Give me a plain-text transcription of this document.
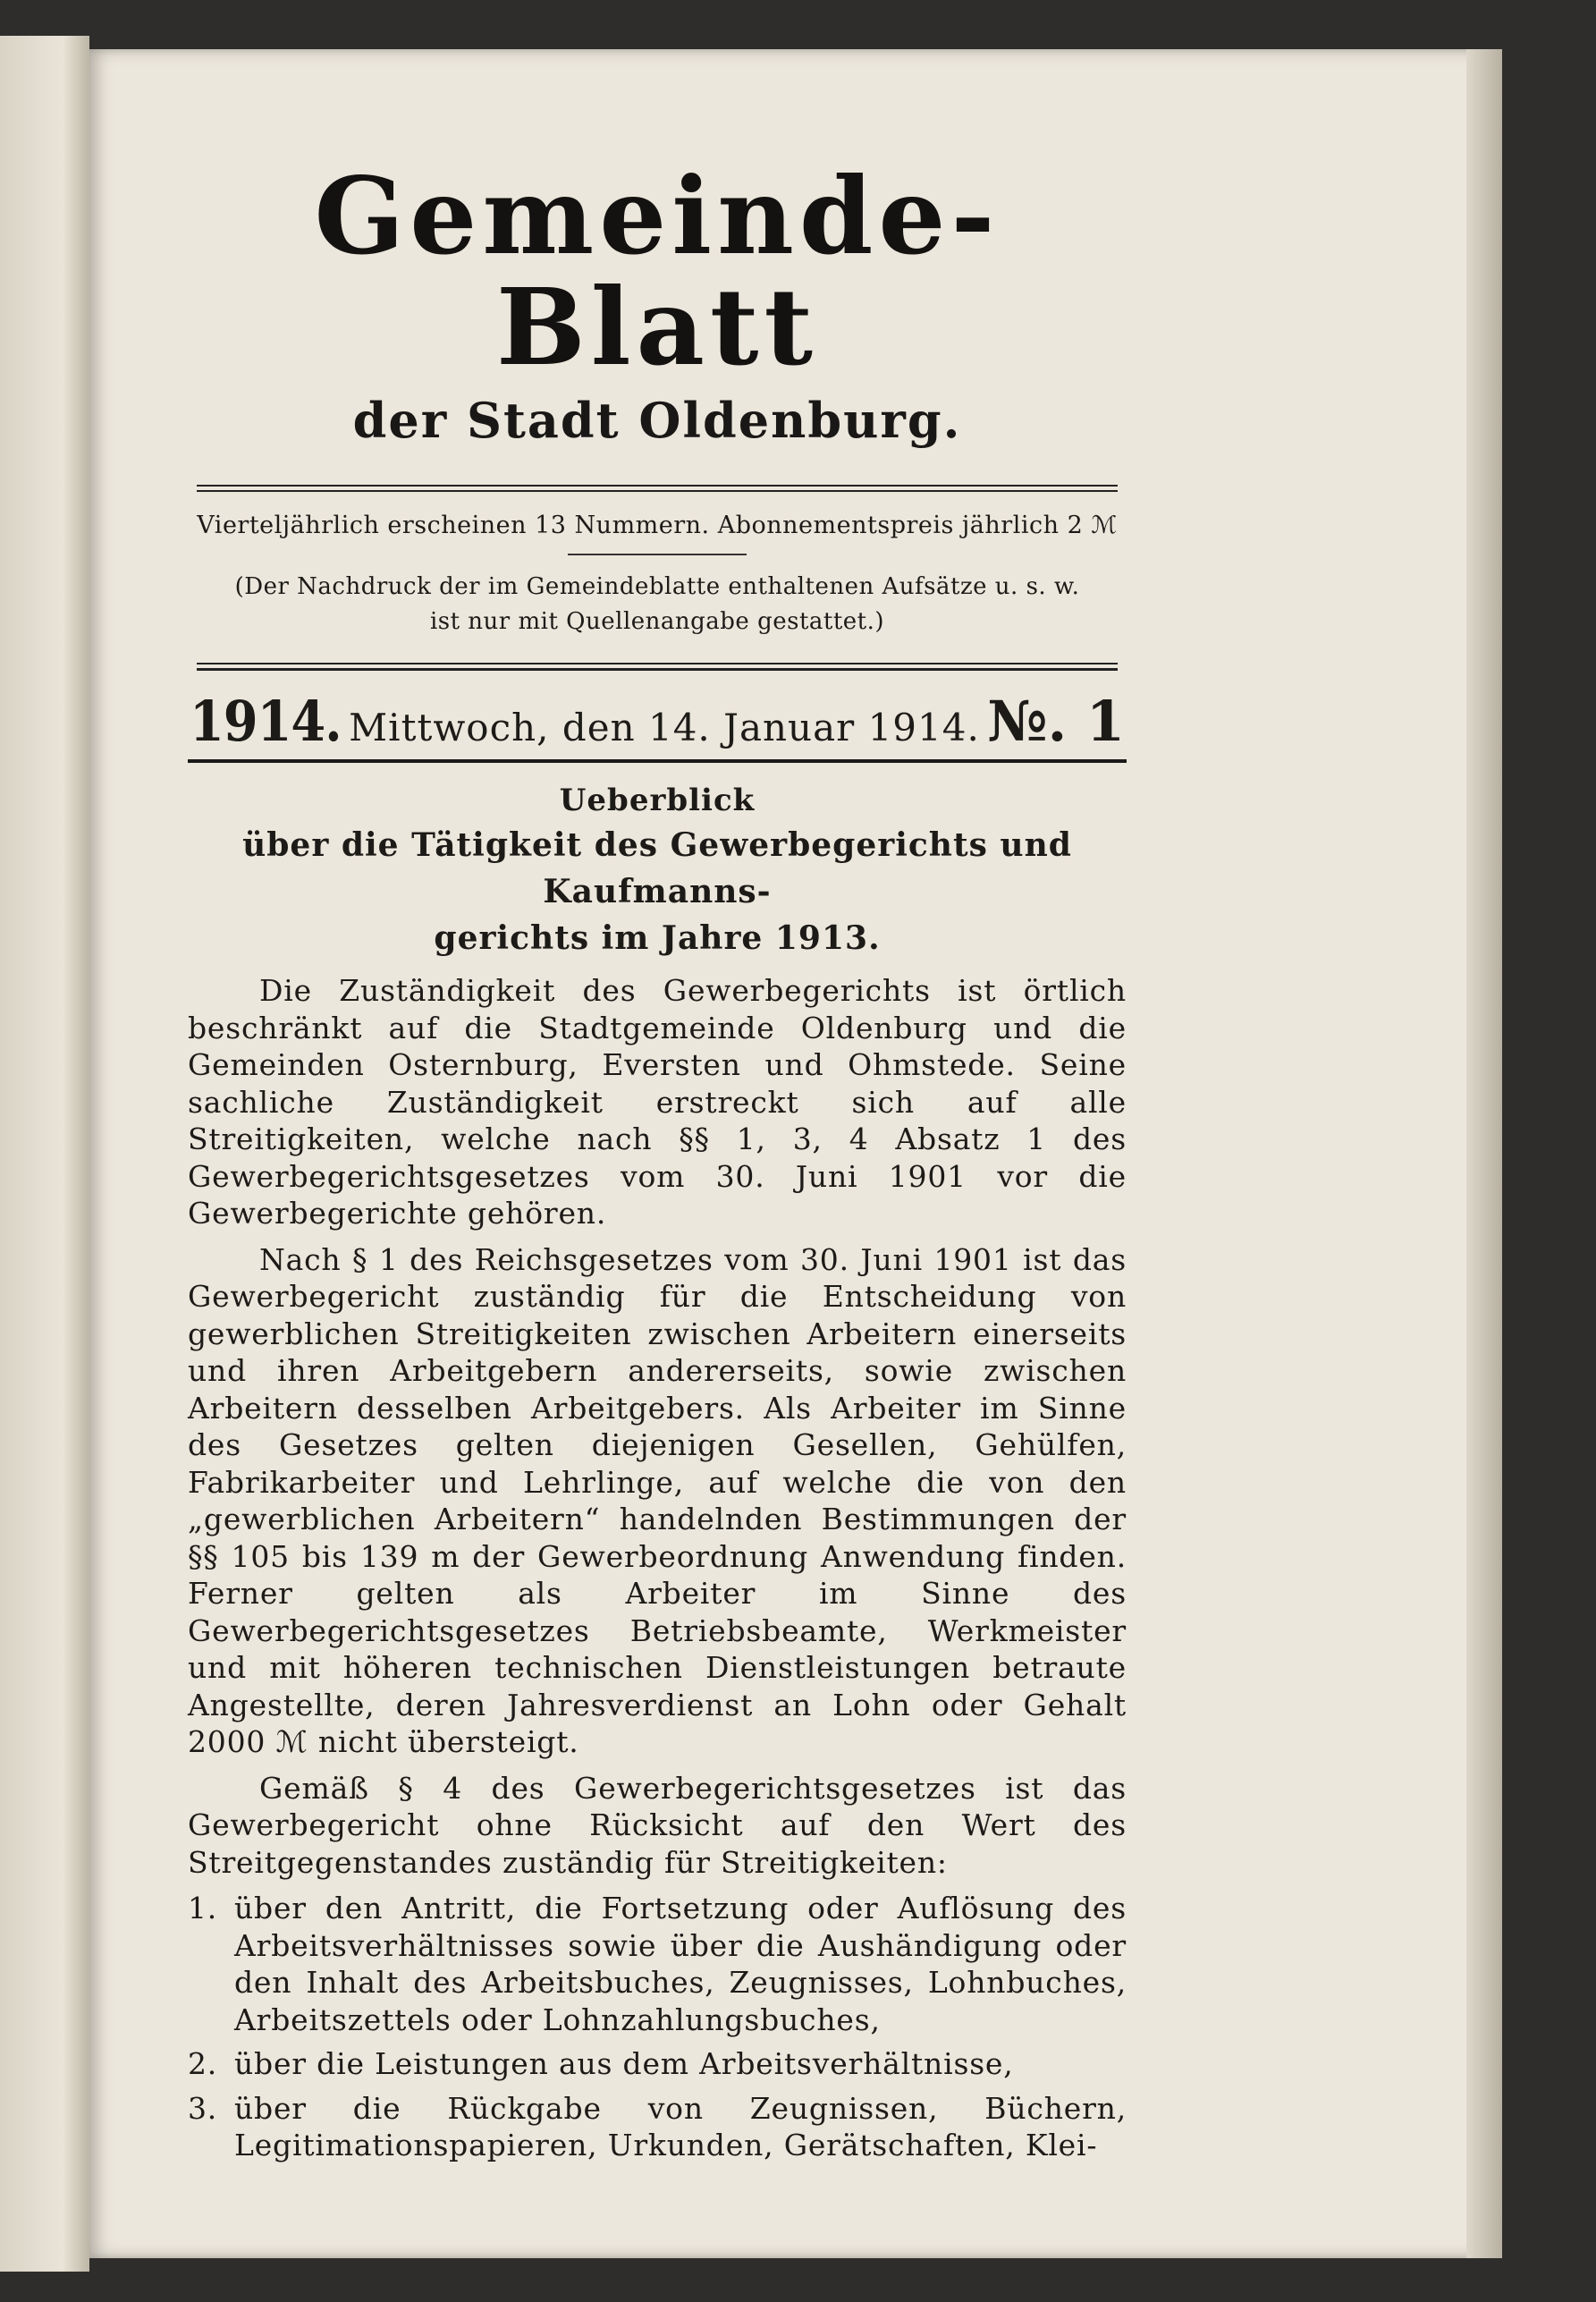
Gemeinde-Blatt
der Stadt Oldenburg.
Vierteljährlich erscheinen 13 Nummern. Abonnementspreis jährlich 2 ℳ
(Der Nachdruck der im Gemeindeblatte enthaltenen Aufsätze u. s. w.
ist nur mit Quellenangabe gestattet.)
1914. Mittwoch, den 14. Januar 1914. №. 1
Ueberblick
über die Tätigkeit des Gewerbegerichts und Kaufmanns-
gerichts im Jahre 1913.

Die Zuständigkeit des Gewerbegerichts ist örtlich beschränkt auf die Stadtgemeinde Oldenburg und die Gemeinden Osternburg, Eversten und Ohmstede. Seine sachliche Zuständigkeit erstreckt sich auf alle Streitigkeiten, welche nach §§ 1, 3, 4 Absatz 1 des Gewerbegerichtsgesetzes vom 30. Juni 1901 vor die Gewerbegerichte gehören.

Nach § 1 des Reichsgesetzes vom 30. Juni 1901 ist das Gewerbegericht zuständig für die Entscheidung von gewerblichen Streitigkeiten zwischen Arbeitern einerseits und ihren Arbeitgebern andererseits, sowie zwischen Arbeitern desselben Arbeitgebers. Als Arbeiter im Sinne des Gesetzes gelten diejenigen Gesellen, Gehülfen, Fabrikarbeiter und Lehrlinge, auf welche die von den „gewerblichen Arbeitern“ handelnden Bestimmungen der §§ 105 bis 139 m der Gewerbeordnung Anwendung finden. Ferner gelten als Arbeiter im Sinne des Gewerbegerichtsgesetzes Betriebsbeamte, Werkmeister und mit höheren technischen Dienstleistungen betraute Angestellte, deren Jahresverdienst an Lohn oder Gehalt 2000 ℳ nicht übersteigt.

Gemäß § 4 des Gewerbegerichtsgesetzes ist das Gewerbegericht ohne Rücksicht auf den Wert des Streitgegenstandes zuständig für Streitigkeiten:

1. über den Antritt, die Fortsetzung oder Auflösung des Arbeitsverhältnisses sowie über die Aushändigung oder den Inhalt des Arbeitsbuches, Zeugnisses, Lohnbuches, Arbeitszettels oder Lohnzahlungsbuches,
2. über die Leistungen aus dem Arbeitsverhältnisse,
3. über die Rückgabe von Zeugnissen, Büchern, Legitimationspapieren, Urkunden, Gerätschaften, Klei-
